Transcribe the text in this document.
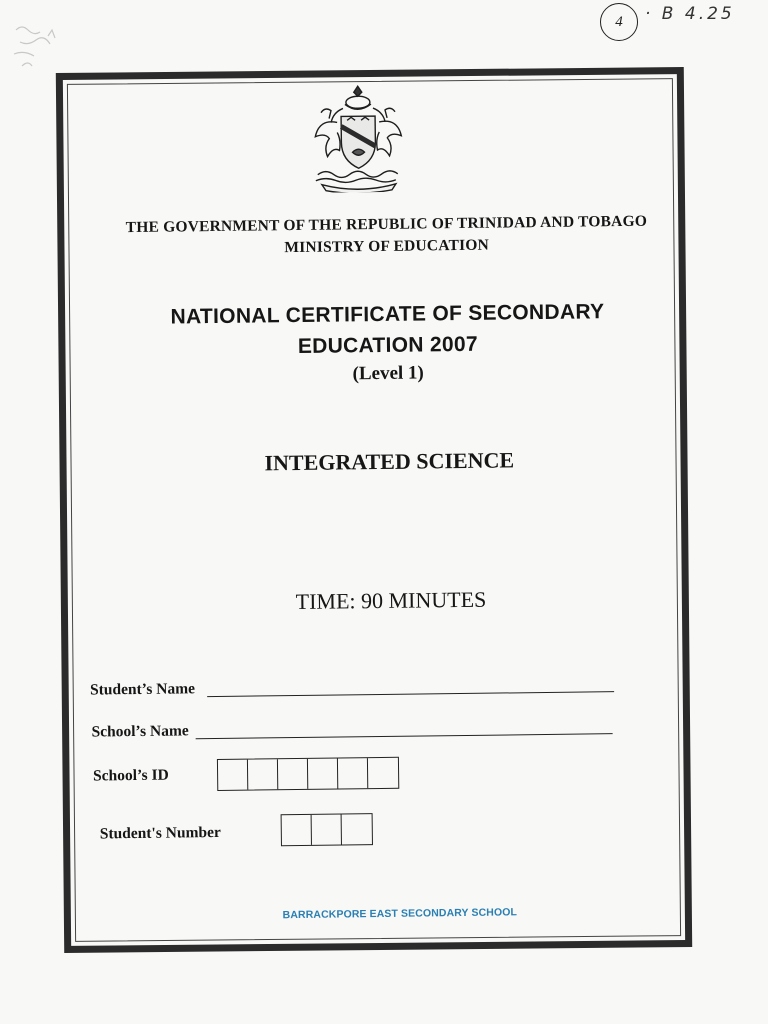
4 · B 4.25
THE GOVERNMENT OF THE REPUBLIC OF TRINIDAD AND TOBAGO
MINISTRY OF EDUCATION
NATIONAL CERTIFICATE OF SECONDARY
EDUCATION 2007
(Level 1)
INTEGRATED SCIENCE
TIME: 90 MINUTES
Student’s Name
School’s Name
School’s ID
Student's Number
BARRACKPORE EAST SECONDARY SCHOOL
